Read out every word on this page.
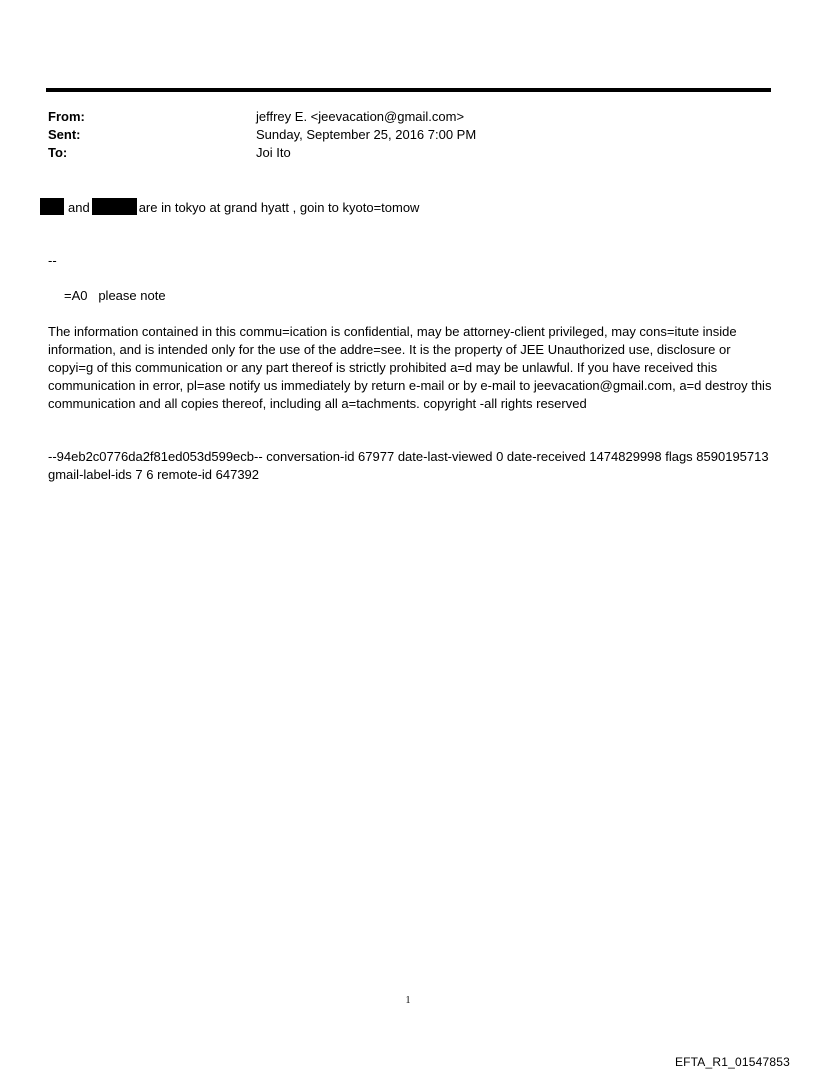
From:	jeffrey E. <jeevacation@gmail.com>
Sent:	Sunday, September 25, 2016 7:00 PM
To:	Joi Ito
and	are in tokyo at grand hyatt , goin to kyoto=tomow
--
=A0   please note
The information contained in this commu=ication is confidential, may be attorney-client privileged, may cons=itute inside information, and is intended only for the use of the addre=see. It is the property of JEE Unauthorized use, disclosure or copyi=g of this communication or any part thereof is strictly prohibited a=d may be unlawful. If you have received this communication in error, pl=ase notify us immediately by return e-mail or by e-mail to jeevacation@gmail.com, a=d destroy this communication and all copies thereof, including all a=tachments. copyright -all rights reserved
--94eb2c0776da2f81ed053d599ecb-- conversation-id 67977 date-last-viewed 0 date-received 1474829998 flags 8590195713 gmail-label-ids 7 6 remote-id 647392
1
EFTA_R1_01547853
